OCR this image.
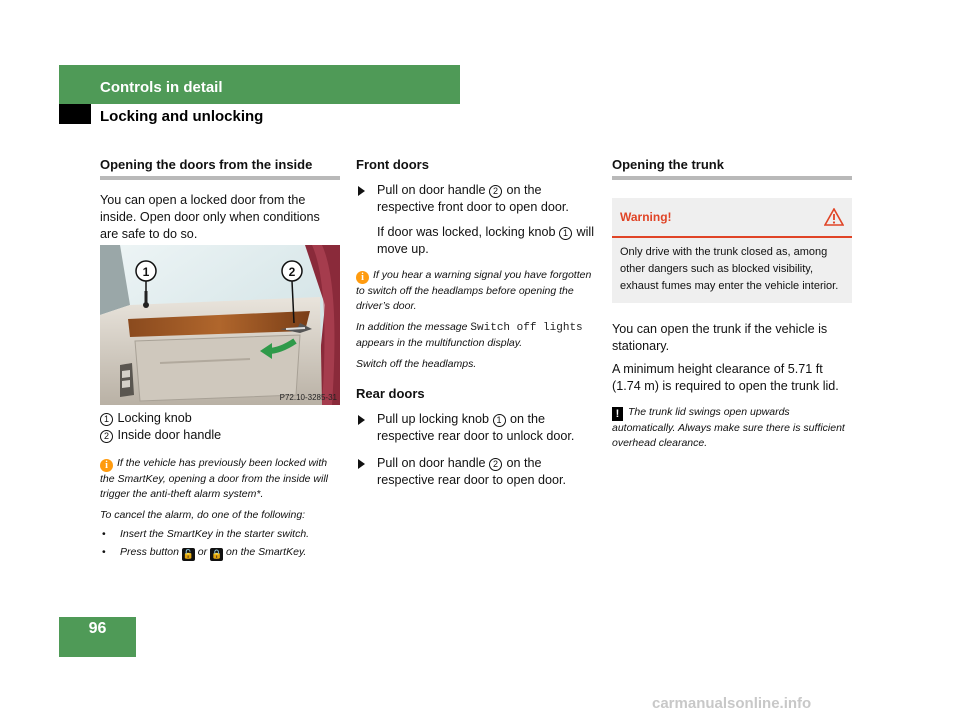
Controls in detail
Locking and unlocking

Opening the doors from the inside

You can open a locked door from the inside. Open door only when conditions are safe to do so.

1	2
P72.10-3285-31
1 Locking knob
2 Inside door handle

i If the vehicle has previously been locked with the SmartKey, opening a door from the inside will trigger the anti-theft alarm system*.

To cancel the alarm, do one of the following:

• Insert the SmartKey in the starter switch.
• Press button 🔓 or 🔒 on the SmartKey.

Front doors

Pull on door handle 2 on the respective front door to open door.
If door was locked, locking knob 1 will move up.

i If you hear a warning signal you have forgotten to switch off the headlamps before opening the driver’s door.

In addition the message Switch off lights appears in the multifunction display.

Switch off the headlamps.

Rear doors

Pull up locking knob 1 on the respective rear door to unlock door.
Pull on door handle 2 on the respective rear door to open door.

Opening the trunk

Warning!
Only drive with the trunk closed as, among other dangers such as blocked visibility, exhaust fumes may enter the vehicle interior.

You can open the trunk if the vehicle is stationary.

A minimum height clearance of 5.71 ft (1.74 m) is required to open the trunk lid.

! The trunk lid swings open upwards automatically. Always make sure there is sufficient overhead clearance.

96
carmanualsonline.info
